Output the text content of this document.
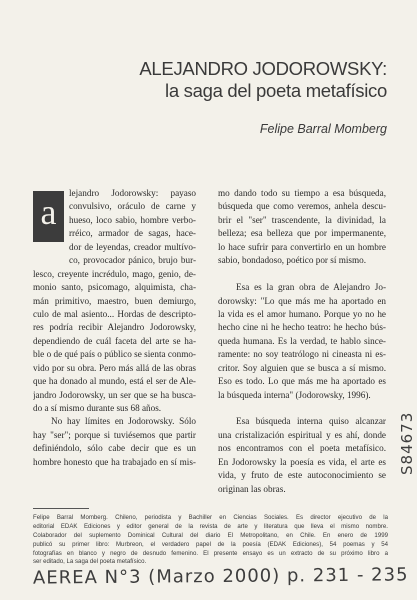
ALEJANDRO JODOROWSKY:
la saga del poeta metafísico
Felipe Barral Momberg
a	lejandro Jodorowsky: payaso
convulsivo, oráculo de carne y
hueso, loco sabio, hombre verbo-
rréico, armador de sagas, hace-
dor de leyendas, creador multívo-
co, provocador pánico, brujo bur-
lesco, creyente incrédulo, mago, genio, de-
monio santo, psicomago, alquimista, cha-
mán primitivo, maestro, buen demiurgo,
culo de mal asiento... Hordas de descripto-
res podría recibir Alejandro Jodorowsky,
dependiendo de cuál faceta del arte se ha-
ble o de qué país o público se sienta conmo-
vido por su obra. Pero más allá de las obras
que ha donado al mundo, está el ser de Ale-
jandro Jodorowsky, un ser que se ha busca-
do a sí mismo durante sus 68 años.
No hay límites en Jodorowsky. Sólo
hay "ser"; porque si tuviésemos que partir
definiéndolo, sólo cabe decir que es un
hombre honesto que ha trabajado en sí mis-
mo dando todo su tiempo a esa búsqueda,
búsqueda que como veremos, anhela descu-
brir el "ser" trascendente, la divinidad, la
belleza; esa belleza que por impermanente,
lo hace sufrir para convertirlo en un hombre
sabio, bondadoso, poético por sí mismo.
Esa es la gran obra de Alejandro Jo-
dorowsky: "Lo que más me ha aportado en
la vida es el amor humano. Porque yo no he
hecho cine ni he hecho teatro: he hecho bús-
queda humana. Es la verdad, te hablo since-
ramente: no soy teatrólogo ni cineasta ni es-
critor. Soy alguien que se busca a sí mismo.
Eso es todo. Lo que más me ha aportado es
la búsqueda interna" (Jodorowsky, 1996).
Esa búsqueda interna quiso alcanzar
una cristalización espiritual y es ahí, donde
nos encontramos con el poeta metafísico.
En Jodorowsky la poesía es vida, el arte es
vida, y fruto de este autoconocimiento se
originan las obras.
Felipe Barral Momberg. Chileno, periodista y Bachiller en Ciencias Sociales. Es director ejecutivo de la
editorial EDAK Ediciones y editor general de la revista de arte y literatura que lleva el mismo nombre.
Colaborador del suplemento Dominical Cultural del diario El Metropolitano, en Chile. En enero de 1999
publicó su primer libro: Murbreon, el verdadero papel de la poesía (EDAK Ediciones), 54 poemas y 54
fotografías en blanco y negro de desnudo femenino. El presente ensayo es un extracto de su próximo libro a
ser editado, La saga del poeta metafísico.
AEREA N°3 (Marzo 2000) p. 231 - 235
S84673
